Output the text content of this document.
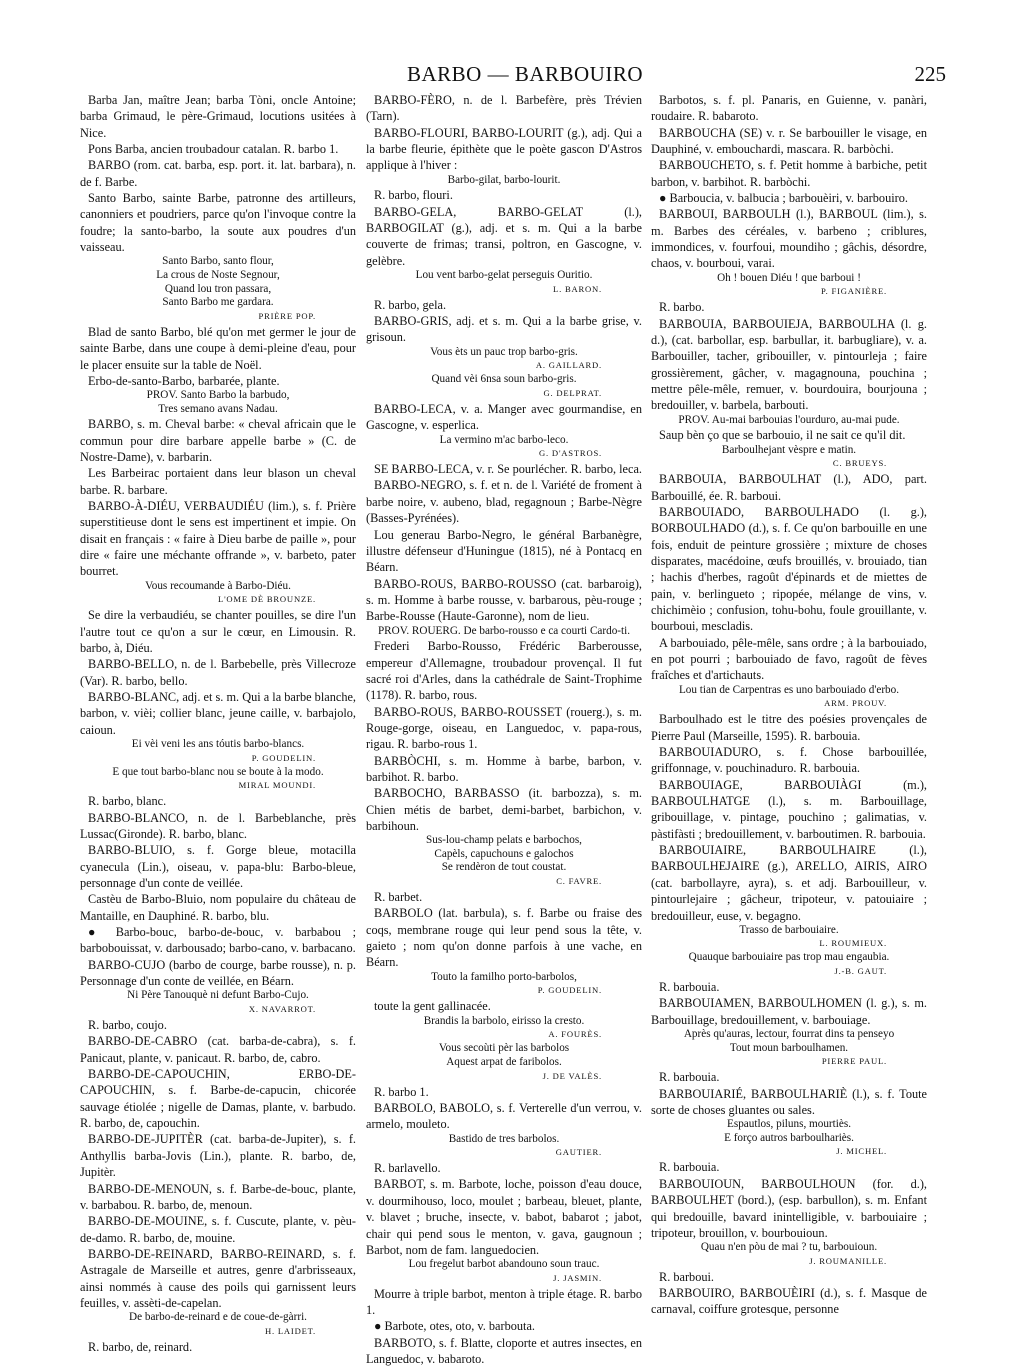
BARBO — BARBOUIRO	225

Barba Jan, maître Jean; barba Tòni, oncle Antoine; barba Grimaud, le père-Grimaud, locutions usitées à Nice.

Pons Barba, ancien troubadour catalan. R. barbo 1.

BARBO (rom. cat. barba, esp. port. it. lat. barbara), n. de f. Barbe.

Santo Barbo, sainte Barbe, patronne des artilleurs, canonniers et poudriers, parce qu'on l'invoque contre la foudre; la santo-barbo, la soute aux poudres d'un vaisseau.

Santo Barbo, santo flour,

La crous de Noste Segnour,

Quand lou tron passara,

Santo Barbo me gardara.

PRIÈRE POP.

Blad de santo Barbo, blé qu'on met germer le jour de sainte Barbe, dans une coupe à demi-pleine d'eau, pour le placer ensuite sur la table de Noël.

Erbo-de-santo-Barbo, barbarée, plante.

PROV. Santo Barbo la barbudo,

Tres semano avans Nadau.

BARBO, s. m. Cheval barbe: « cheval africain que le commun pour dire barbare appelle barbe » (C. de Nostre-Dame), v. barbarin.

Les Barbeirac portaient dans leur blason un cheval barbe. R. barbare.

BARBO-À-DIÉU, VERBAUDIÉU (lim.), s. f. Prière superstitieuse dont le sens est impertinent et impie. On disait en français : « faire à Dieu barbe de paille », pour dire « faire une méchante offrande », v. barbeto, pater bourret.

Vous recoumande à Barbo-Diéu.

L'OME DÈ BROUNZE.

Se dire la verbaudiéu, se chanter pouilles, se dire l'un l'autre tout ce qu'on a sur le cœur, en Limousin. R. barbo, à, Diéu.

BARBO-BELLO, n. de l. Barbebelle, près Villecroze (Var). R. barbo, bello.

BARBO-BLANC, adj. et s. m. Qui a la barbe blanche, barbon, v. vièi; collier blanc, jeune caille, v. barbajolo, caioun.

Ei vèi veni les ans tóutis barbo-blancs.

P. GOUDELIN.

E que tout barbo-blanc nou se boute à la modo.

MIRAL MOUNDI.

R. barbo, blanc.

BARBO-BLANCO, n. de l. Barbeblanche, près Lussac(Gironde). R. barbo, blanc.

BARBO-BLUIO, s. f. Gorge bleue, motacilla cyanecula (Lin.), oiseau, v. papa-blu: Barbo-bleue, personnage d'un conte de veillée.

Castèu de Barbo-Bluio, nom populaire du château de Mantaille, en Dauphiné. R. barbo, blu.

● Barbo-bouc, barbo-de-bouc, v. barbabou ; barbobouissat, v. darbousado; barbo-cano, v. barbacano.

BARBO-CUJO (barbo de courge, barbe rousse), n. p. Personnage d'un conte de veillée, en Béarn.

Ni Père Tanouquè ni defunt Barbo-Cujo.

X. NAVARROT.

R. barbo, coujo.

BARBO-DE-CABRO (cat. barba-de-cabra), s. f. Panicaut, plante, v. panicaut. R. barbo, de, cabro.

BARBO-DE-CAPOUCHIN, ERBO-DE-CAPOUCHIN, s. f. Barbe-de-capucin, chicorée sauvage étiolée ; nigelle de Damas, plante, v. barbudo. R. barbo, de, capouchin.

BARBO-DE-JUPITÈR (cat. barba-de-Jupiter), s. f. Anthyllis barba-Jovis (Lin.), plante. R. barbo, de, Jupitèr.

BARBO-DE-MENOUN, s. f. Barbe-de-bouc, plante, v. barbabou. R. barbo, de, menoun.

BARBO-DE-MOUINE, s. f. Cuscute, plante, v. pèu-de-damo. R. barbo, de, mouine.

BARBO-DE-REINARD, BARBO-REINARD, s. f. Astragale de Marseille et autres, genre d'arbrisseaux, ainsi nommés à cause des poils qui garnissent leurs feuilles, v. assèti-de-capelan.

De barbo-de-reinard e de coue-de-gàrri.

H. LAIDET.

R. barbo, de, reinard.

BARBO-FÈRO, n. de l. Barbefère, près Trévien (Tarn).

BARBO-FLOURI, BARBO-LOURIT (g.), adj. Qui a la barbe fleurie, épithète que le poète gascon D'Astros applique à l'hiver :

Barbo-gilat, barbo-lourit.

R. barbo, flouri.

BARBO-GELA, BARBO-GELAT (l.), BARBOGILAT (g.), adj. et s. m. Qui a la barbe couverte de frimas; transi, poltron, en Gascogne, v. gelèbre.

Lou vent barbo-gelat perseguis Ouritio.

L. BARON.

R. barbo, gela.

BARBO-GRIS, adj. et s. m. Qui a la barbe grise, v. grisoun.

Vous èts un pauc trop barbo-gris.

A. GAILLARD.

Quand vèi 6nsa soun barbo-gris.

G. DELPRAT.

BARBO-LECA, v. a. Manger avec gourmandise, en Gascogne, v. esperlica.

La vermino m'ac barbo-leco.

G. D'ASTROS.

SE BARBO-LECA, v. r. Se pourlécher. R. barbo, leca.

BARBO-NEGRO, s. f. et n. de l. Variété de froment à barbe noire, v. aubeno, blad, regagnoun ; Barbe-Nègre (Basses-Pyrénées).

Lou generau Barbo-Negro, le général Barbanègre, illustre défenseur d'Huningue (1815), né à Pontacq en Béarn.

BARBO-ROUS, BARBO-ROUSSO (cat. barbaroig), s. m. Homme à barbe rousse, v. barbarous, pèu-rouge ; Barbe-Rousse (Haute-Garonne), nom de lieu.

PROV. ROUERG. De barbo-rousso e ca courti Cardo-ti.

Frederi Barbo-Rousso, Frédéric Barberousse, empereur d'Allemagne, troubadour provençal. Il fut sacré roi d'Arles, dans la cathédrale de Saint-Trophime (1178). R. barbo, rous.

BARBO-ROUS, BARBO-ROUSSET (rouerg.), s. m. Rouge-gorge, oiseau, en Languedoc, v. papa-rous, rigau. R. barbo-rous 1.

BARBÒCHI, s. m. Homme à barbe, barbon, v. barbihot. R. barbo.

BARBOCHO, BARBASSO (it. barbozza), s. m. Chien métis de barbet, demi-barbet, barbichon, v. barbihoun.

Sus-lou-champ pelats e barbochos,

Capèls, capuchouns e galochos

Se rendèron de tout coustat.

C. FAVRE.

R. barbet.

BARBOLO (lat. barbula), s. f. Barbe ou fraise des coqs, membrane rouge qui leur pend sous la tête, v. gaieto ; nom qu'on donne parfois à une vache, en Béarn.

Touto la familho porto-barbolos,

P. GOUDELIN.

toute la gent gallinacée.

Brandis la barbolo, eirisso la cresto.

A. FOURÈS.

Vous secoùti pèr las barbolos

Aquest arpat de faribolos.

J. DE VALÈS.

R. barbo 1.

BARBOLO, BABOLO, s. f. Verterelle d'un verrou, v. armelo, mouleto.

Bastido de tres barbolos.

GAUTIER.

R. barlavello.

BARBOT, s. m. Barbote, loche, poisson d'eau douce, v. dourmihouso, loco, moulet ; barbeau, bleuet, plante, v. blavet ; bruche, insecte, v. babot, babarot ; jabot, chair qui pend sous le menton, v. gava, gaugnoun ; Barbot, nom de fam. languedocien.

Lou fregelut barbot abandouno soun trauc.

J. JASMIN.

Mourre à triple barbot, menton à triple étage. R. barbo 1.

● Barbote, otes, oto, v. barbouta.

BARBOTO, s. f. Blatte, cloporte et autres insectes, en Languedoc, v. babaroto.

Barbotos, s. f. pl. Panaris, en Guienne, v. panàri, roudaire. R. babaroto.

BARBOUCHA (SE) v. r. Se barbouiller le visage, en Dauphiné, v. embouchardi, mascara. R. barbòchi.

BARBOUCHETO, s. f. Petit homme à barbiche, petit barbon, v. barbihot. R. barbòchi.

● Barboucia, v. balbucia ; barbouèiri, v. barbouiro.

BARBOUI, BARBOULH (l.), BARBOUL (lim.), s. m. Barbes des céréales, v. barbeno ; criblures, immondices, v. fourfoui, moundiho ; gâchis, désordre, chaos, v. bourboui, varai.

Oh ! bouen Diéu ! que barboui !

P. FIGANIÈRE.

R. barbo.

BARBOUIA, BARBOUIEJA, BARBOULHA (l. g. d.), (cat. barbollar, esp. barbullar, it. barbugliare), v. a. Barbouiller, tacher, gribouiller, v. pintourleja ; faire grossièrement, gâcher, v. magagnouna, pouchina ; mettre pêle-mêle, remuer, v. bourdouira, bourjouna ; bredouiller, v. barbela, barbouti.

PROV. Au-mai barbouias l'ourduro, au-mai pude.

Saup bèn ço que se barbouio, il ne sait ce qu'il dit.

Barboulhejant vèspre e matin.

C. BRUEYS.

BARBOUIA, BARBOULHAT (l.), ADO, part. Barbouillé, ée. R. barboui.

BARBOUIADO, BARBOULHADO (l. g.), BORBOULHADO (d.), s. f. Ce qu'on barbouille en une fois, enduit de peinture grossière ; mixture de choses disparates, macédoine, œufs brouillés, v. brouiado, tian ; hachis d'herbes, ragoût d'épinards et de miettes de pain, v. berlingueto ; ripopée, mélange de vins, v. chichimèio ; confusion, tohu-bohu, foule grouillante, v. bourboui, mescladis.

A barbouiado, pêle-mêle, sans ordre ; à la barbouiado, en pot pourri ; barbouiado de favo, ragoût de fèves fraîches et d'artichauts.

Lou tian de Carpentras es uno barbouiado d'erbo.

ARM. PROUV.

Barboulhado est le titre des poésies provençales de Pierre Paul (Marseille, 1595). R. barbouia.

BARBOUIADURO, s. f. Chose barbouillée, griffonnage, v. pouchinaduro. R. barbouia.

BARBOUIAGE, BARBOUIÀGI (m.), BARBOULHATGE (l.), s. m. Barbouillage, gribouillage, v. pintage, pouchino ; galimatias, v. pàstifàsti ; bredouillement, v. barboutimen. R. barbouia.

BARBOUIAIRE, BARBOULHAIRE (l.), BARBOULHEJAIRE (g.), ARELLO, AIRIS, AIRO (cat. barbollayre, ayra), s. et adj. Barbouilleur, v. pintourlejaire ; gâcheur, tripoteur, v. patouiaire ; bredouilleur, euse, v. begagno.

Trasso de barbouiaire.

L. ROUMIEUX.

Quauque barbouiaire pas trop mau engaubia.

J.-B. GAUT.

R. barbouia.

BARBOUIAMEN, BARBOULHOMEN (l. g.), s. m. Barbouillage, bredouillement, v. barbouiage.

Après qu'auras, lectour, fourrat dins ta penseyo

Tout moun barboulhamen.

PIERRE PAUL.

R. barbouia.

BARBOUIARIÉ, BARBOULHARIÈ (l.), s. f. Toute sorte de choses gluantes ou sales.

Espautlos, piluns, mourtiès.

E forço autros barboulhariès.

J. MICHEL.

R. barbouia.

BARBOUIOUN, BARBOULHOUN (for. d.), BARBOULHET (bord.), (esp. barbullon), s. m. Enfant qui bredouille, bavard inintelligible, v. barbouiaire ; tripoteur, brouillon, v. bourbouioun.

Quau n'en pòu de mai ? tu, barbouioun.

J. ROUMANILLE.

R. barboui.

BARBOUIRO, BARBOUÈIRI (d.), s. f. Masque de carnaval, coiffure grotesque, personne
